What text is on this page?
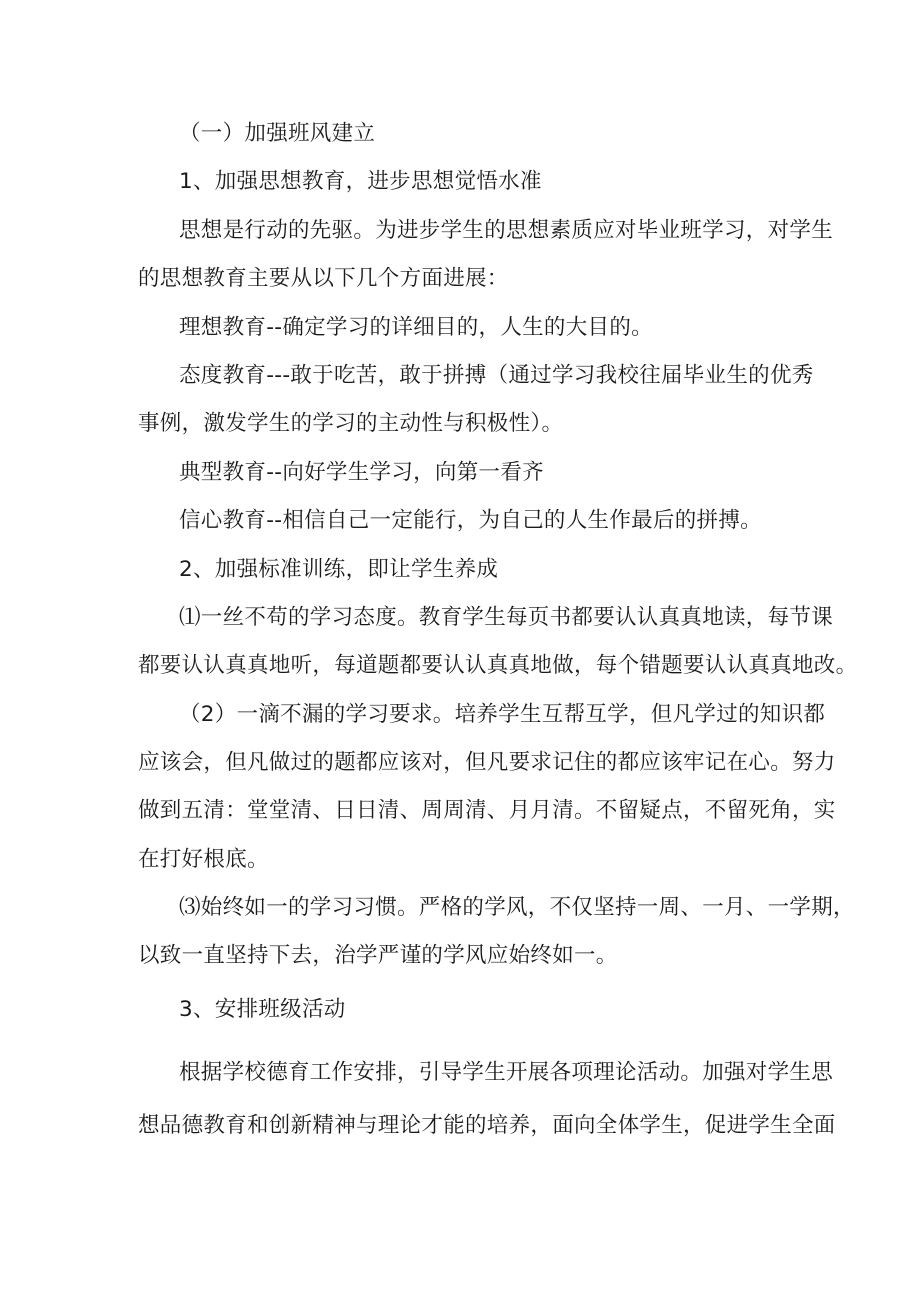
（一）加强班风建立
1、加强思想教育，进步思想觉悟水准
思想是行动的先驱。为进步学生的思想素质应对毕业班学习，对学生
的思想教育主要从以下几个方面进展：
理想教育--确定学习的详细目的，人生的大目的。
态度教育---敢于吃苦，敢于拼搏（通过学习我校往届毕业生的优秀
事例，激发学生的学习的主动性与积极性）。
典型教育--向好学生学习，向第一看齐
信心教育--相信自己一定能行，为自己的人生作最后的拼搏。
2、加强标准训练，即让学生养成
⑴一丝不苟的学习态度。教育学生每页书都要认认真真地读，每节课
都要认认真真地听，每道题都要认认真真地做，每个错题要认认真真地改。
（2）一滴不漏的学习要求。培养学生互帮互学，但凡学过的知识都
应该会，但凡做过的题都应该对，但凡要求记住的都应该牢记在心。努力
做到五清：堂堂清、日日清、周周清、月月清。不留疑点，不留死角，实
在打好根底。
⑶始终如一的学习习惯。严格的学风，不仅坚持一周、一月、一学期，
以致一直坚持下去，治学严谨的学风应始终如一。
3、安排班级活动
根据学校德育工作安排，引导学生开展各项理论活动。加强对学生思
想品德教育和创新精神与理论才能的培养，面向全体学生，促进学生全面
